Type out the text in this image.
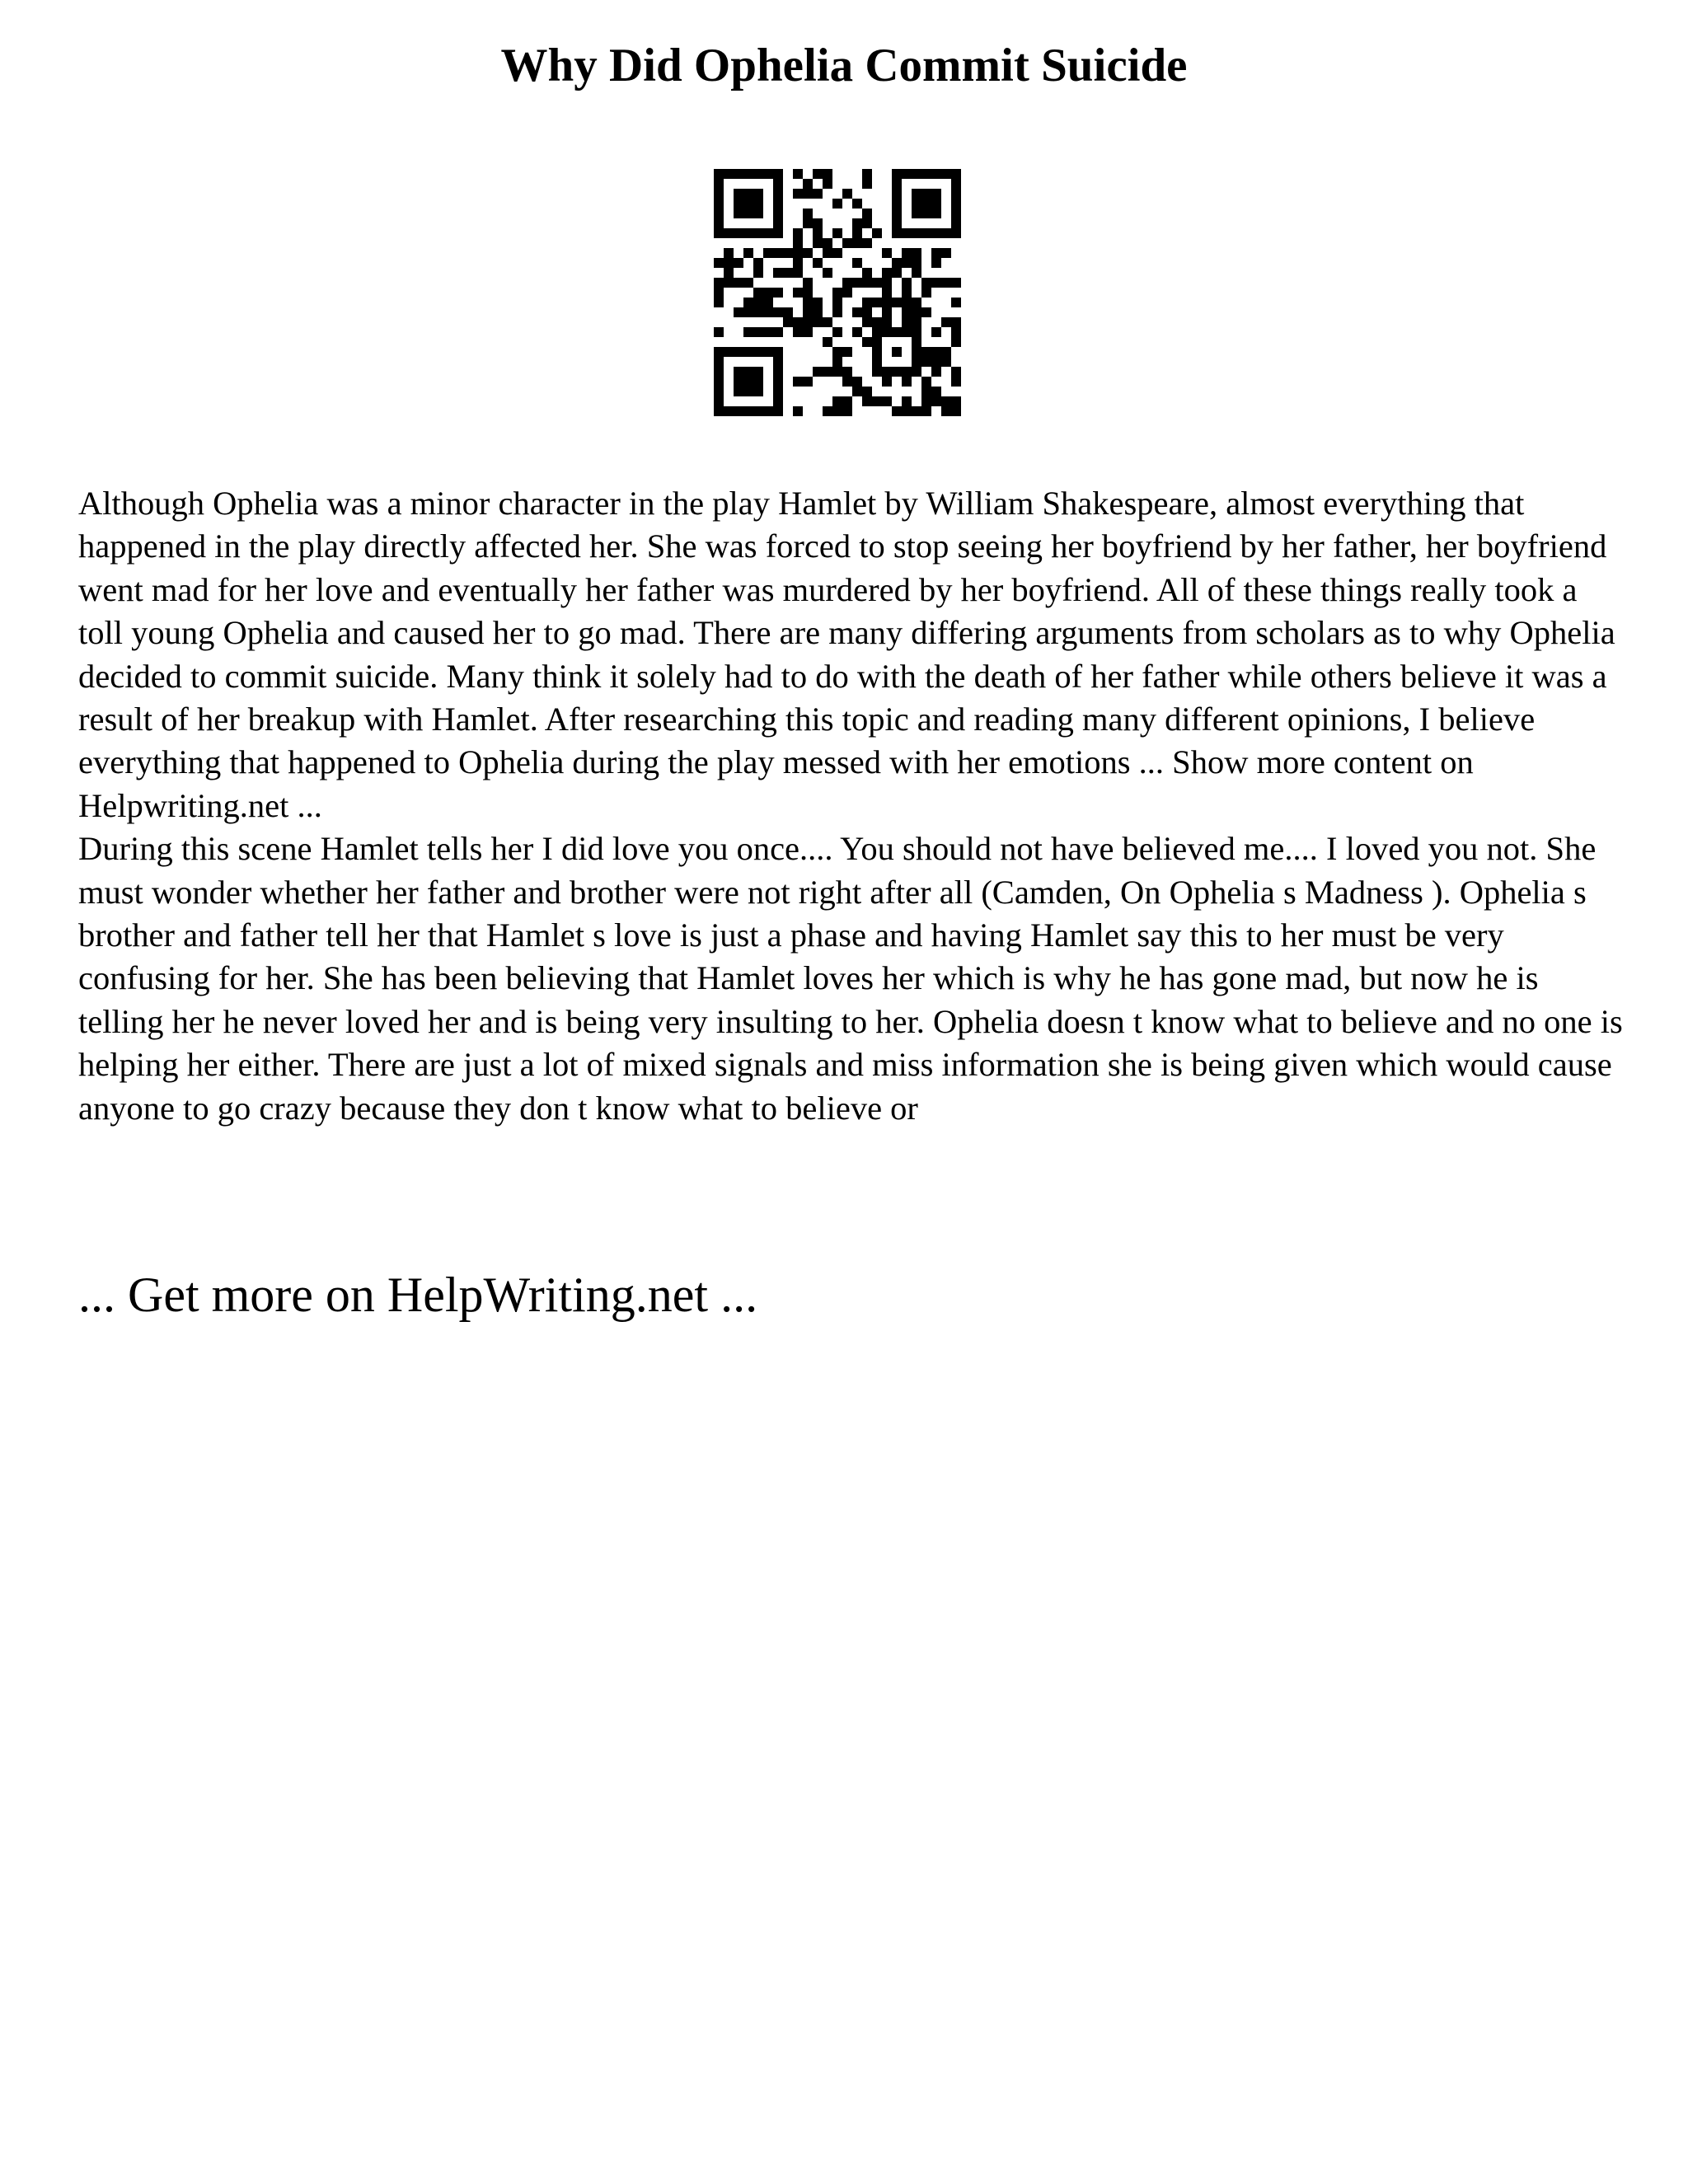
Why Did Ophelia Commit Suicide

Although Ophelia was a minor character in the play Hamlet by William Shakespeare, almost everything that happened in the play directly affected her. She was forced to stop seeing her boyfriend by her father, her boyfriend went mad for her love and eventually her father was murdered by her boyfriend. All of these things really took a toll young Ophelia and caused her to go mad. There are many differing arguments from scholars as to why Ophelia decided to commit suicide. Many think it solely had to do with the death of her father while others believe it was a result of her breakup with Hamlet. After researching this topic and reading many different opinions, I believe everything that happened to Ophelia during the play messed with her emotions ... Show more content on Helpwriting.net ...

During this scene Hamlet tells her I did love you once.... You should not have believed me.... I loved you not. She must wonder whether her father and brother were not right after all (Camden, On Ophelia s Madness ). Ophelia s brother and father tell her that Hamlet s love is just a phase and having Hamlet say this to her must be very confusing for her. She has been believing that Hamlet loves her which is why he has gone mad, but now he is telling her he never loved her and is being very insulting to her. Ophelia doesn t know what to believe and no one is helping her either. There are just a lot of mixed signals and miss information she is being given which would cause anyone to go crazy because they don t know what to believe or

... Get more on HelpWriting.net ...
